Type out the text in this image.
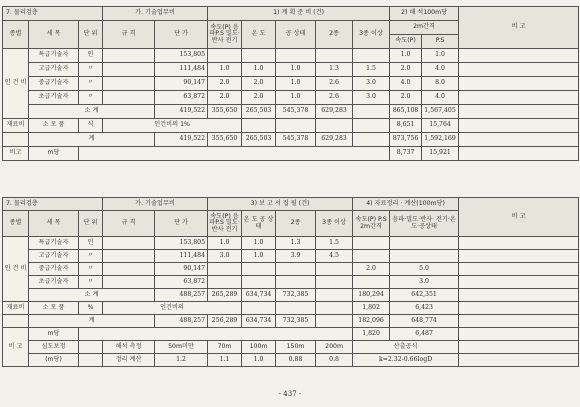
7. 물리검층			가. 기술업무비		1) 계 획 준 비 (건)					2) 해 석100m당		비 고
종별	세 목	단 위	규 격	단 가	속도(P) 음파P.S 밀도·반사 전기	온 도	공 상태	2종	3종 이상	2m간격		
										속도(P)	P.S	
인 건 비	특급기술자	인		153,805						1.0	1.0	
	고급기술자	〃		111,484	1.0	1.0	1.0	1.3	1.5	2.0	4.0	
	중급기술자	〃		90,147	2.0	2.0	1.0	2.6	3.0	4.0	8.0	
	초급기술자	〃		63,872	2.0	2.0	1.0	2.6	3.0	2.0	4.0	
	소 계			419,522	355,650	265,503	545,378	629,283		865,108	1,567,405	
재료비	소 모 품	식	인건비의 1%							8,651	15,764	
	계			419,522	355,650	265,503	545,378	629,283		873,756	1,592,169	
비고	m당									8,737	15,921	
7. 물리검층			가. 기술업무비		3) 보 고 서 집 필 (건)				4) 자료정리 · 계산(100m당)		비 고
종별	세 목	단 위	규 격	단 가	속도(P) 음파P.S 밀도·반사 전기	온 도 공 상 태	2종	3종 이상	속도(P) P.S 2m간격	음파·밀도·반사· 전기·온도·공상태	

인 건 비	특급기술자	인		153,805	1.0	1.0	1.3	1.5			
	고급기술자	〃		111,484	3.0	1.0	3.9	4.5			
	중급기술자	〃		90,147					2.0	5.0	
	초급기술자	〃		63,872						3.0	
	소 계			488,257	265,289	634,734	732,385		180,294	642,351	
재료비	소 모 품	%	인건비의						1,802	6,423	
	계			488,257	256,289	634,734	732,385		182,096	648,774	
비 고	m당								1,820	6,487	
	심도보정		해석 측정	50m미만	70m	100m	150m	200m	산출공식		
	(m당)		정리 계산	1.2	1.1	1.0	0.88	0.8	k=2.32-0.66logD		
- 437 -
